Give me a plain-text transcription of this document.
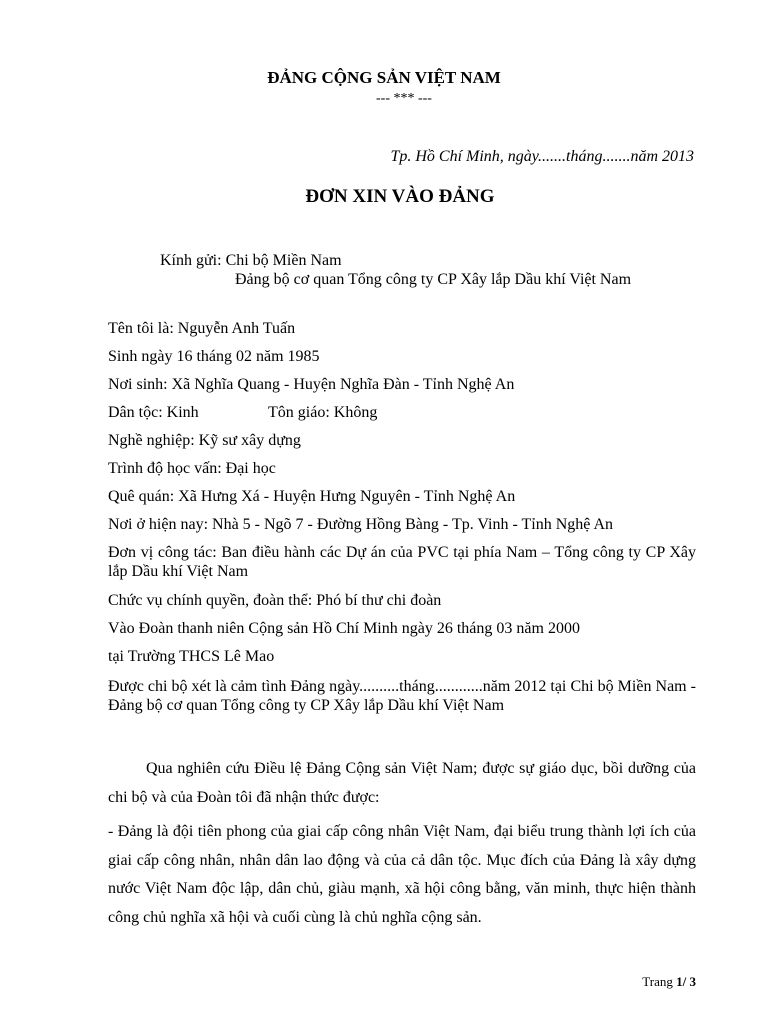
ĐẢNG CỘNG SẢN VIỆT NAM
--- *** ---
Tp. Hồ Chí Minh, ngày.......tháng.......năm 2013
ĐƠN XIN VÀO ĐẢNG
Kính gửi: Chi bộ Miền Nam
Đảng bộ cơ quan Tổng công ty CP Xây lắp Dầu khí Việt Nam
Tên tôi là: Nguyễn Anh Tuấn
Sinh ngày 16 tháng 02 năm 1985
Nơi sinh: Xã Nghĩa Quang - Huyện Nghĩa Đàn - Tỉnh Nghệ An
Dân tộc: Kinh	Tôn giáo: Không
Nghề nghiệp: Kỹ sư xây dựng
Trình độ học vấn: Đại học
Quê quán: Xã Hưng Xá - Huyện Hưng Nguyên - Tỉnh Nghệ An
Nơi ở hiện nay: Nhà 5 - Ngõ 7 - Đường Hồng Bàng - Tp. Vinh - Tỉnh Nghệ An
Đơn vị công tác: Ban điều hành các Dự án của PVC tại phía Nam – Tổng công ty CP Xây lắp Dầu khí Việt Nam
Chức vụ chính quyền, đoàn thể: Phó bí thư chi đoàn
Vào Đoàn thanh niên Cộng sản Hồ Chí Minh ngày 26 tháng 03 năm 2000
tại Trường THCS Lê Mao
Được chi bộ xét là cảm tình Đảng ngày..........tháng............năm 2012 tại Chi bộ Miền Nam - Đảng bộ cơ quan Tổng công ty CP Xây lắp Dầu khí Việt Nam
Qua nghiên cứu Điều lệ Đảng Cộng sản Việt Nam; được sự giáo dục, bồi dưỡng của chi bộ và của Đoàn tôi đã nhận thức được:
- Đảng là đội tiên phong của giai cấp công nhân Việt Nam, đại biểu trung thành lợi ích của giai cấp công nhân, nhân dân lao động và của cả dân tộc. Mục đích của Đảng là xây dựng nước Việt Nam độc lập, dân chủ, giàu mạnh, xã hội công bằng, văn minh, thực hiện thành công chủ nghĩa xã hội và cuối cùng là chủ nghĩa cộng sản.
Trang 1/ 3
